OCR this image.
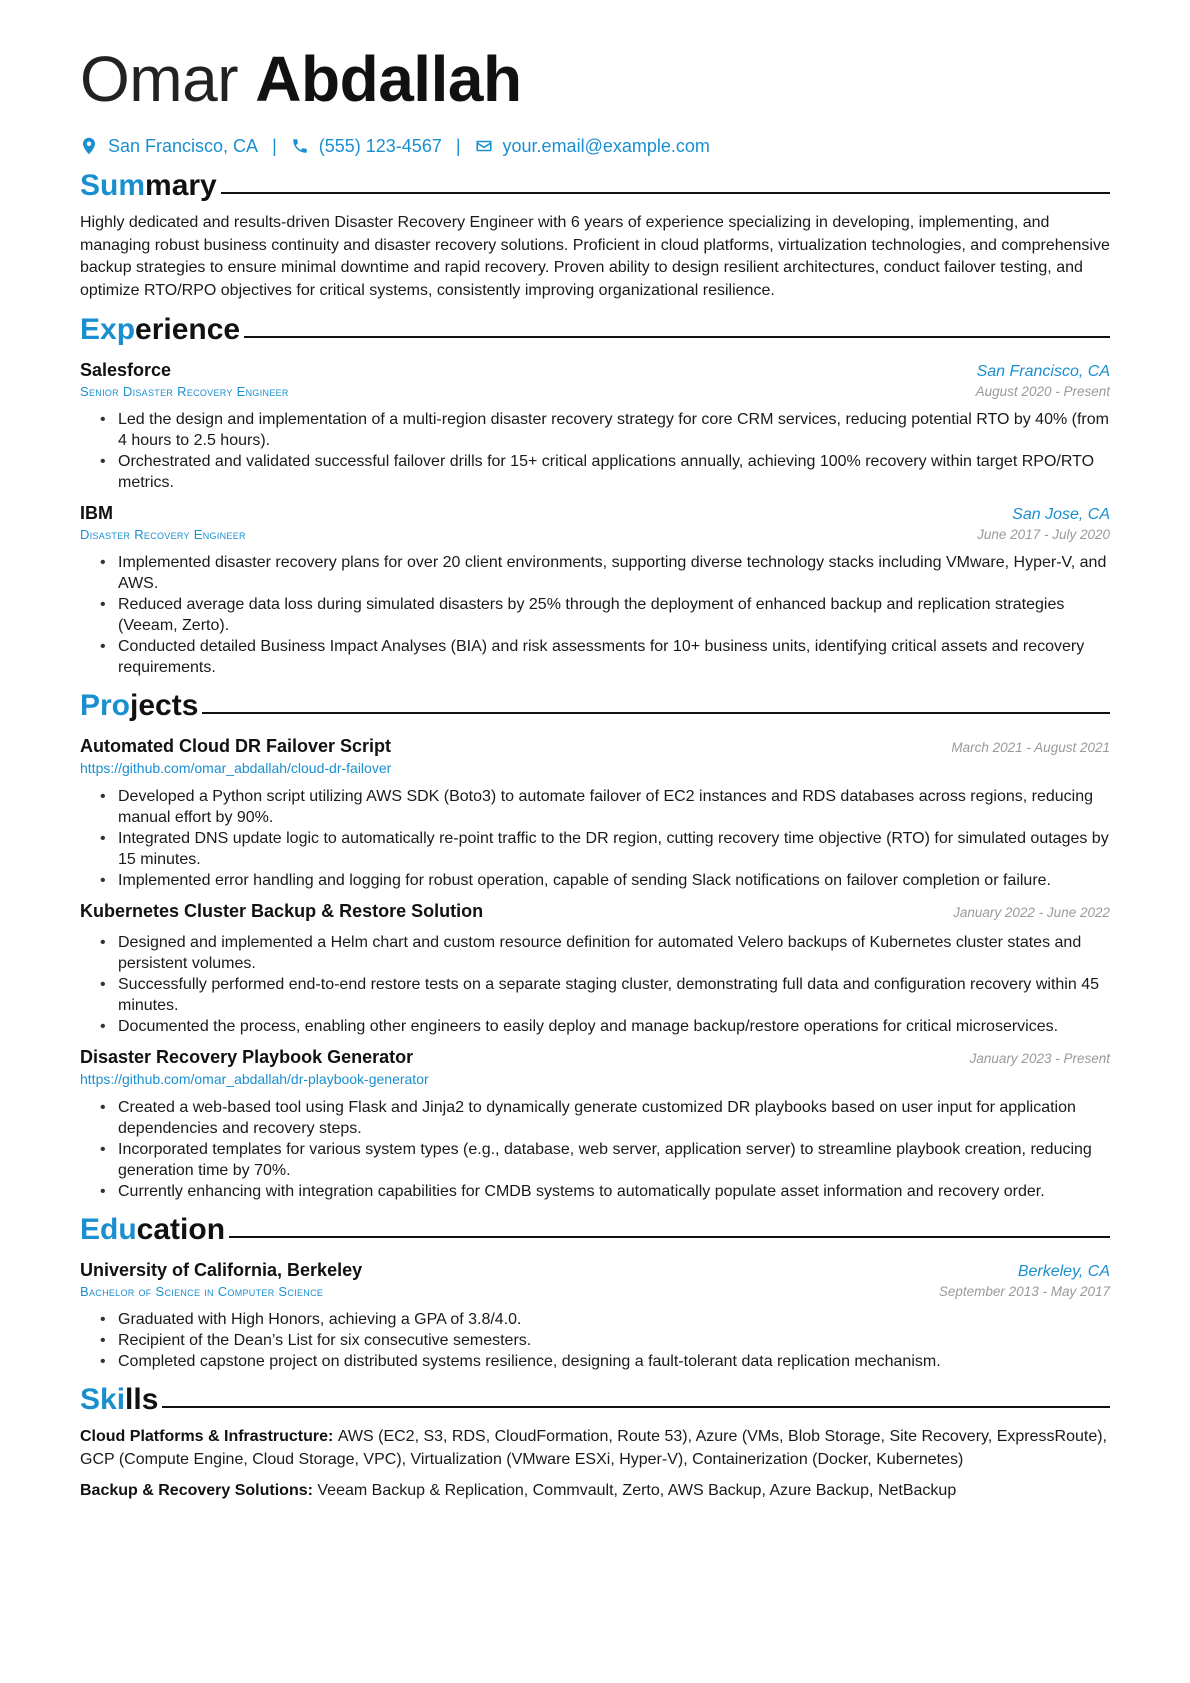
Omar Abdallah
San Francisco, CA | (555) 123-4567 | your.email@example.com
Summary

Highly dedicated and results-driven Disaster Recovery Engineer with 6 years of experience specializing in developing, implementing, and managing robust business continuity and disaster recovery solutions. Proficient in cloud platforms, virtualization technologies, and comprehensive backup strategies to ensure minimal downtime and rapid recovery. Proven ability to design resilient architectures, conduct failover testing, and optimize RTO/RPO objectives for critical systems, consistently improving organizational resilience.

Experience
Salesforce	San Francisco, CA
Senior Disaster Recovery Engineer	August 2020 - Present
• Led the design and implementation of a multi-region disaster recovery strategy for core CRM services, reducing potential RTO by 40% (from 4 hours to 2.5 hours).
• Orchestrated and validated successful failover drills for 15+ critical applications annually, achieving 100% recovery within target RPO/RTO metrics.
IBM	San Jose, CA
Disaster Recovery Engineer	June 2017 - July 2020
• Implemented disaster recovery plans for over 20 client environments, supporting diverse technology stacks including VMware, Hyper-V, and AWS.
• Reduced average data loss during simulated disasters by 25% through the deployment of enhanced backup and replication strategies (Veeam, Zerto).
• Conducted detailed Business Impact Analyses (BIA) and risk assessments for 10+ business units, identifying critical assets and recovery requirements.
Projects
Automated Cloud DR Failover Script	March 2021 - August 2021
https://github.com/omar_abdallah/cloud-dr-failover
• Developed a Python script utilizing AWS SDK (Boto3) to automate failover of EC2 instances and RDS databases across regions, reducing manual effort by 90%.
• Integrated DNS update logic to automatically re-point traffic to the DR region, cutting recovery time objective (RTO) for simulated outages by 15 minutes.
• Implemented error handling and logging for robust operation, capable of sending Slack notifications on failover completion or failure.
Kubernetes Cluster Backup & Restore Solution	January 2022 - June 2022
• Designed and implemented a Helm chart and custom resource definition for automated Velero backups of Kubernetes cluster states and persistent volumes.
• Successfully performed end-to-end restore tests on a separate staging cluster, demonstrating full data and configuration recovery within 45 minutes.
• Documented the process, enabling other engineers to easily deploy and manage backup/restore operations for critical microservices.
Disaster Recovery Playbook Generator	January 2023 - Present
https://github.com/omar_abdallah/dr-playbook-generator
• Created a web-based tool using Flask and Jinja2 to dynamically generate customized DR playbooks based on user input for application dependencies and recovery steps.
• Incorporated templates for various system types (e.g., database, web server, application server) to streamline playbook creation, reducing generation time by 70%.
• Currently enhancing with integration capabilities for CMDB systems to automatically populate asset information and recovery order.
Education
University of California, Berkeley	Berkeley, CA
Bachelor of Science in Computer Science	September 2013 - May 2017
• Graduated with High Honors, achieving a GPA of 3.8/4.0.
• Recipient of the Dean’s List for six consecutive semesters.
• Completed capstone project on distributed systems resilience, designing a fault-tolerant data replication mechanism.
Skills
Cloud Platforms & Infrastructure: AWS (EC2, S3, RDS, CloudFormation, Route 53), Azure (VMs, Blob Storage, Site Recovery, ExpressRoute), GCP (Compute Engine, Cloud Storage, VPC), Virtualization (VMware ESXi, Hyper-V), Containerization (Docker, Kubernetes)
Backup & Recovery Solutions: Veeam Backup & Replication, Commvault, Zerto, AWS Backup, Azure Backup, NetBackup
